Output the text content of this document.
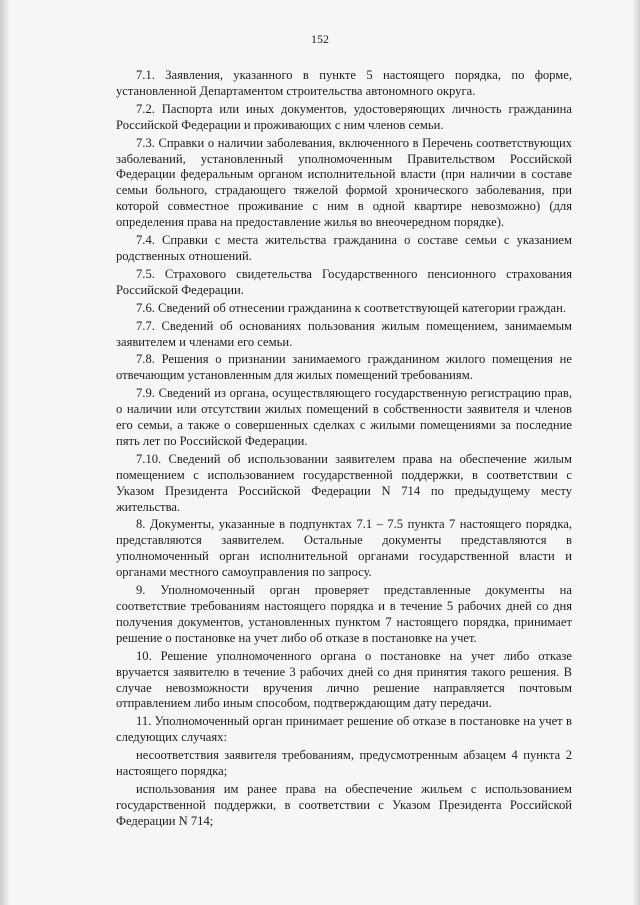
152

7.1. Заявления, указанного в пункте 5 настоящего порядка, по форме, установленной Департаментом строительства автономного округа.

7.2. Паспорта или иных документов, удостоверяющих личность гражданина Российской Федерации и проживающих с ним членов семьи.

7.3. Справки о наличии заболевания, включенного в Перечень соответствующих заболеваний, установленный уполномоченным Правительством Российской Федерации федеральным органом исполнительной власти (при наличии в составе семьи больного, страдающего тяжелой формой хронического заболевания, при которой совместное проживание с ним в одной квартире невозможно) (для определения права на предоставление жилья во внеочередном порядке).

7.4. Справки с места жительства гражданина о составе семьи с указанием родственных отношений.

7.5. Страхового свидетельства Государственного пенсионного страхования Российской Федерации.

7.6. Сведений об отнесении гражданина к соответствующей категории граждан.

7.7. Сведений об основаниях пользования жилым помещением, занимаемым заявителем и членами его семьи.

7.8. Решения о признании занимаемого гражданином жилого помещения не отвечающим установленным для жилых помещений требованиям.

7.9. Сведений из органа, осуществляющего государственную регистрацию прав, о наличии или отсутствии жилых помещений в собственности заявителя и членов его семьи, а также о совершенных сделках с жилыми помещениями за последние пять лет по Российской Федерации.

7.10. Сведений об использовании заявителем права на обеспечение жилым помещением с использованием государственной поддержки, в соответствии с Указом Президента Российской Федерации N 714 по предыдущему месту жительства.

8. Документы, указанные в подпунктах 7.1 – 7.5 пункта 7 настоящего порядка, представляются заявителем. Остальные документы представляются в уполномоченный орган исполнительной органами государственной власти и органами местного самоуправления по запросу.

9. Уполномоченный орган проверяет представленные документы на соответствие требованиям настоящего порядка и в течение 5 рабочих дней со дня получения документов, установленных пунктом 7 настоящего порядка, принимает решение о постановке на учет либо об отказе в постановке на учет.

10. Решение уполномоченного органа о постановке на учет либо отказе вручается заявителю в течение 3 рабочих дней со дня принятия такого решения. В случае невозможности вручения лично решение направляется почтовым отправлением либо иным способом, подтверждающим дату передачи.

11. Уполномоченный орган принимает решение об отказе в постановке на учет в следующих случаях:

несоответствия заявителя требованиям, предусмотренным абзацем 4 пункта 2 настоящего порядка;

использования им ранее права на обеспечение жильем с использованием государственной поддержки, в соответствии с Указом Президента Российской Федерации N 714;
